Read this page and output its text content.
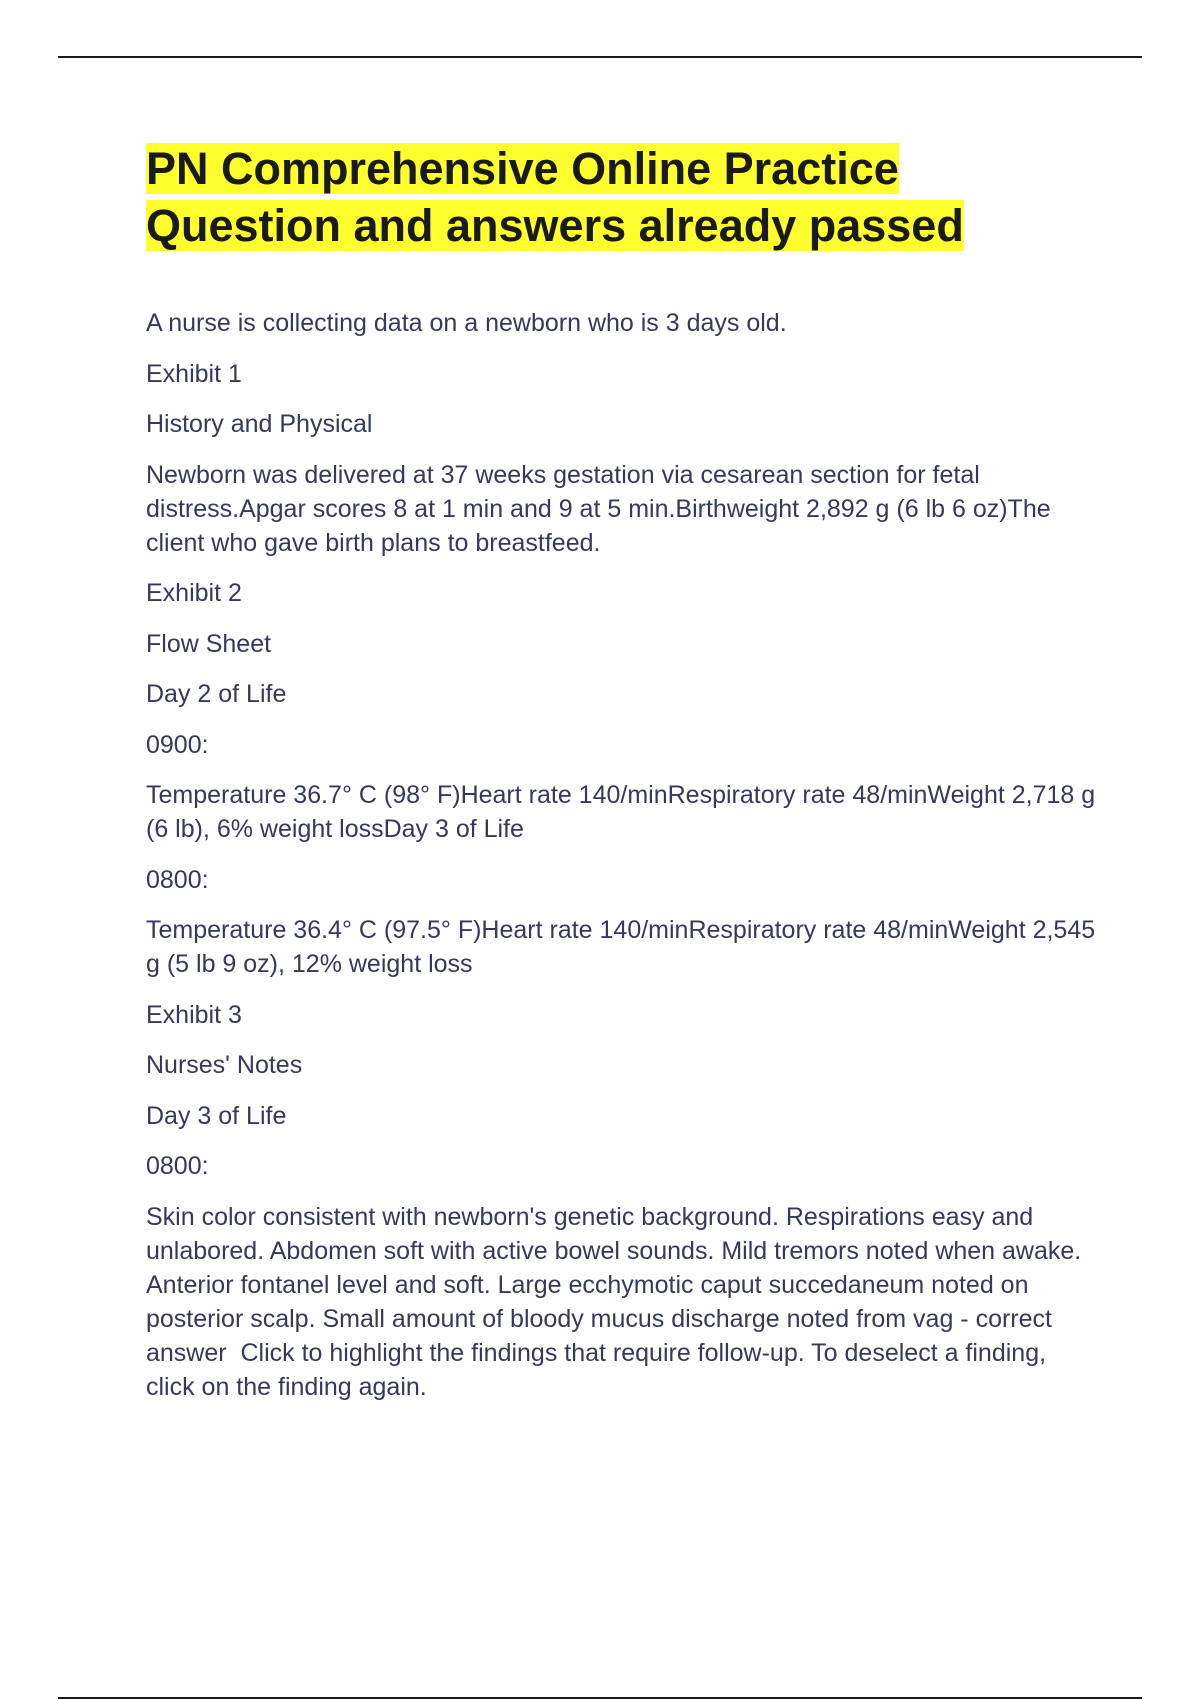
PN Comprehensive Online Practice Question and answers already passed

A nurse is collecting data on a newborn who is 3 days old.

Exhibit 1

History and Physical

Newborn was delivered at 37 weeks gestation via cesarean section for fetal distress.Apgar scores 8 at 1 min and 9 at 5 min.Birthweight 2,892 g (6 lb 6 oz)The client who gave birth plans to breastfeed.

Exhibit 2

Flow Sheet

Day 2 of Life

0900:

Temperature 36.7° C (98° F)Heart rate 140/minRespiratory rate 48/minWeight 2,718 g (6 lb), 6% weight lossDay 3 of Life

0800:

Temperature 36.4° C (97.5° F)Heart rate 140/minRespiratory rate 48/minWeight 2,545 g (5 lb 9 oz), 12% weight loss

Exhibit 3

Nurses' Notes

Day 3 of Life

0800:

Skin color consistent with newborn's genetic background. Respirations easy and unlabored. Abdomen soft with active bowel sounds. Mild tremors noted when awake. Anterior fontanel level and soft. Large ecchymotic caput succedaneum noted on posterior scalp. Small amount of bloody mucus discharge noted from vag - correct answer  Click to highlight the findings that require follow-up. To deselect a finding, click on the finding again.
